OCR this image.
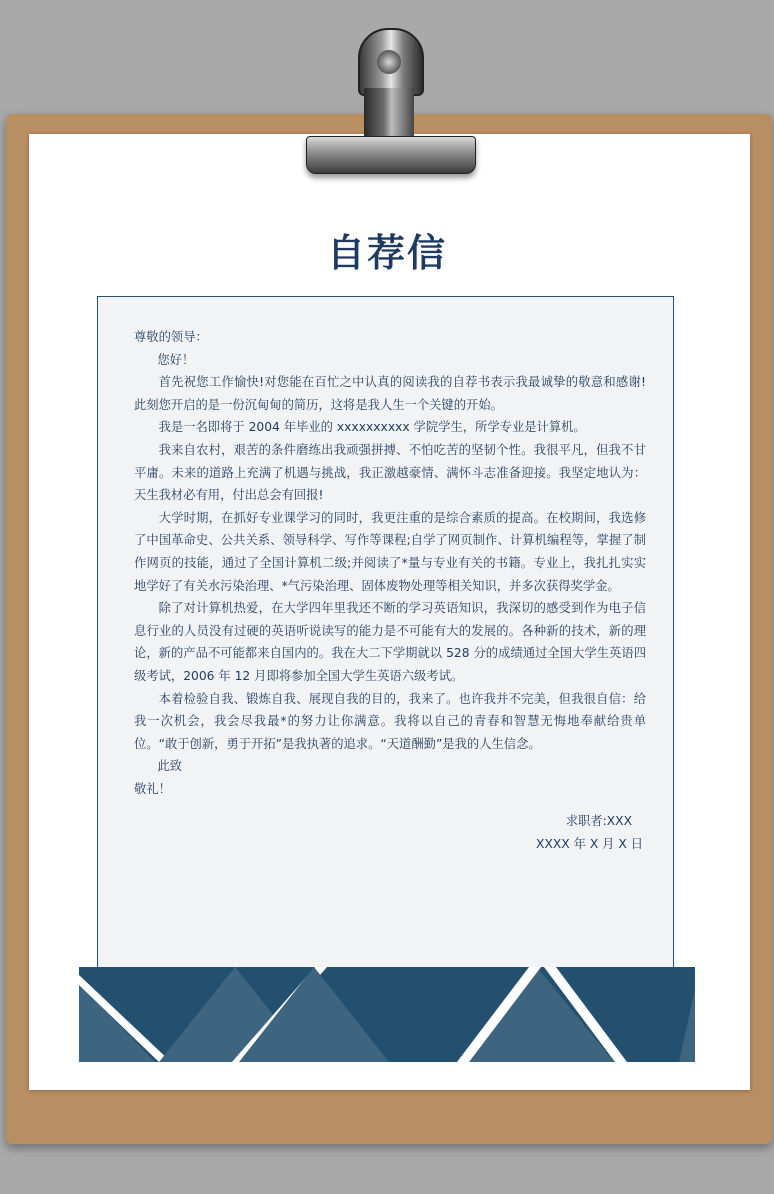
自荐信

尊敬的领导：

您好！

首先祝您工作愉快!对您能在百忙之中认真的阅读我的自荐书表示我最诚挚的敬意和感谢!此刻您开启的是一份沉甸甸的简历，这将是我人生一个关键的开始。

我是一名即将于 2004 年毕业的 xxxxxxxxxx 学院学生，所学专业是计算机。

我来自农村，艰苦的条件磨练出我顽强拼搏、不怕吃苦的坚韧个性。我很平凡，但我不甘平庸。未来的道路上充满了机遇与挑战，我正激越豪情、满怀斗志准备迎接。我坚定地认为：天生我材必有用，付出总会有回报!

大学时期，在抓好专业课学习的同时，我更注重的是综合素质的提高。在校期间，我选修了中国革命史、公共关系、领导科学、写作等课程;自学了网页制作、计算机编程等，掌握了制作网页的技能，通过了全国计算机二级;并阅读了*量与专业有关的书籍。专业上，我扎扎实实地学好了有关水污染治理、*气污染治理、固体废物处理等相关知识，并多次获得奖学金。

除了对计算机热爱，在大学四年里我还不断的学习英语知识，我深切的感受到作为电子信息行业的人员没有过硬的英语听说读写的能力是不可能有大的发展的。各种新的技术，新的理论，新的产品不可能都来自国内的。我在大二下学期就以 528 分的成绩通过全国大学生英语四级考试，2006 年 12 月即将参加全国大学生英语六级考试。

本着检验自我、锻炼自我、展现自我的目的，我来了。也许我并不完美，但我很自信：给我一次机会，我会尽我最*的努力让你满意。我将以自己的青春和智慧无悔地奉献给贵单位。“敢于创新，勇于开拓”是我执著的追求。“天道酬勤”是我的人生信念。

此致

敬礼！

求职者:XXX

XXXX 年 X 月 X 日
